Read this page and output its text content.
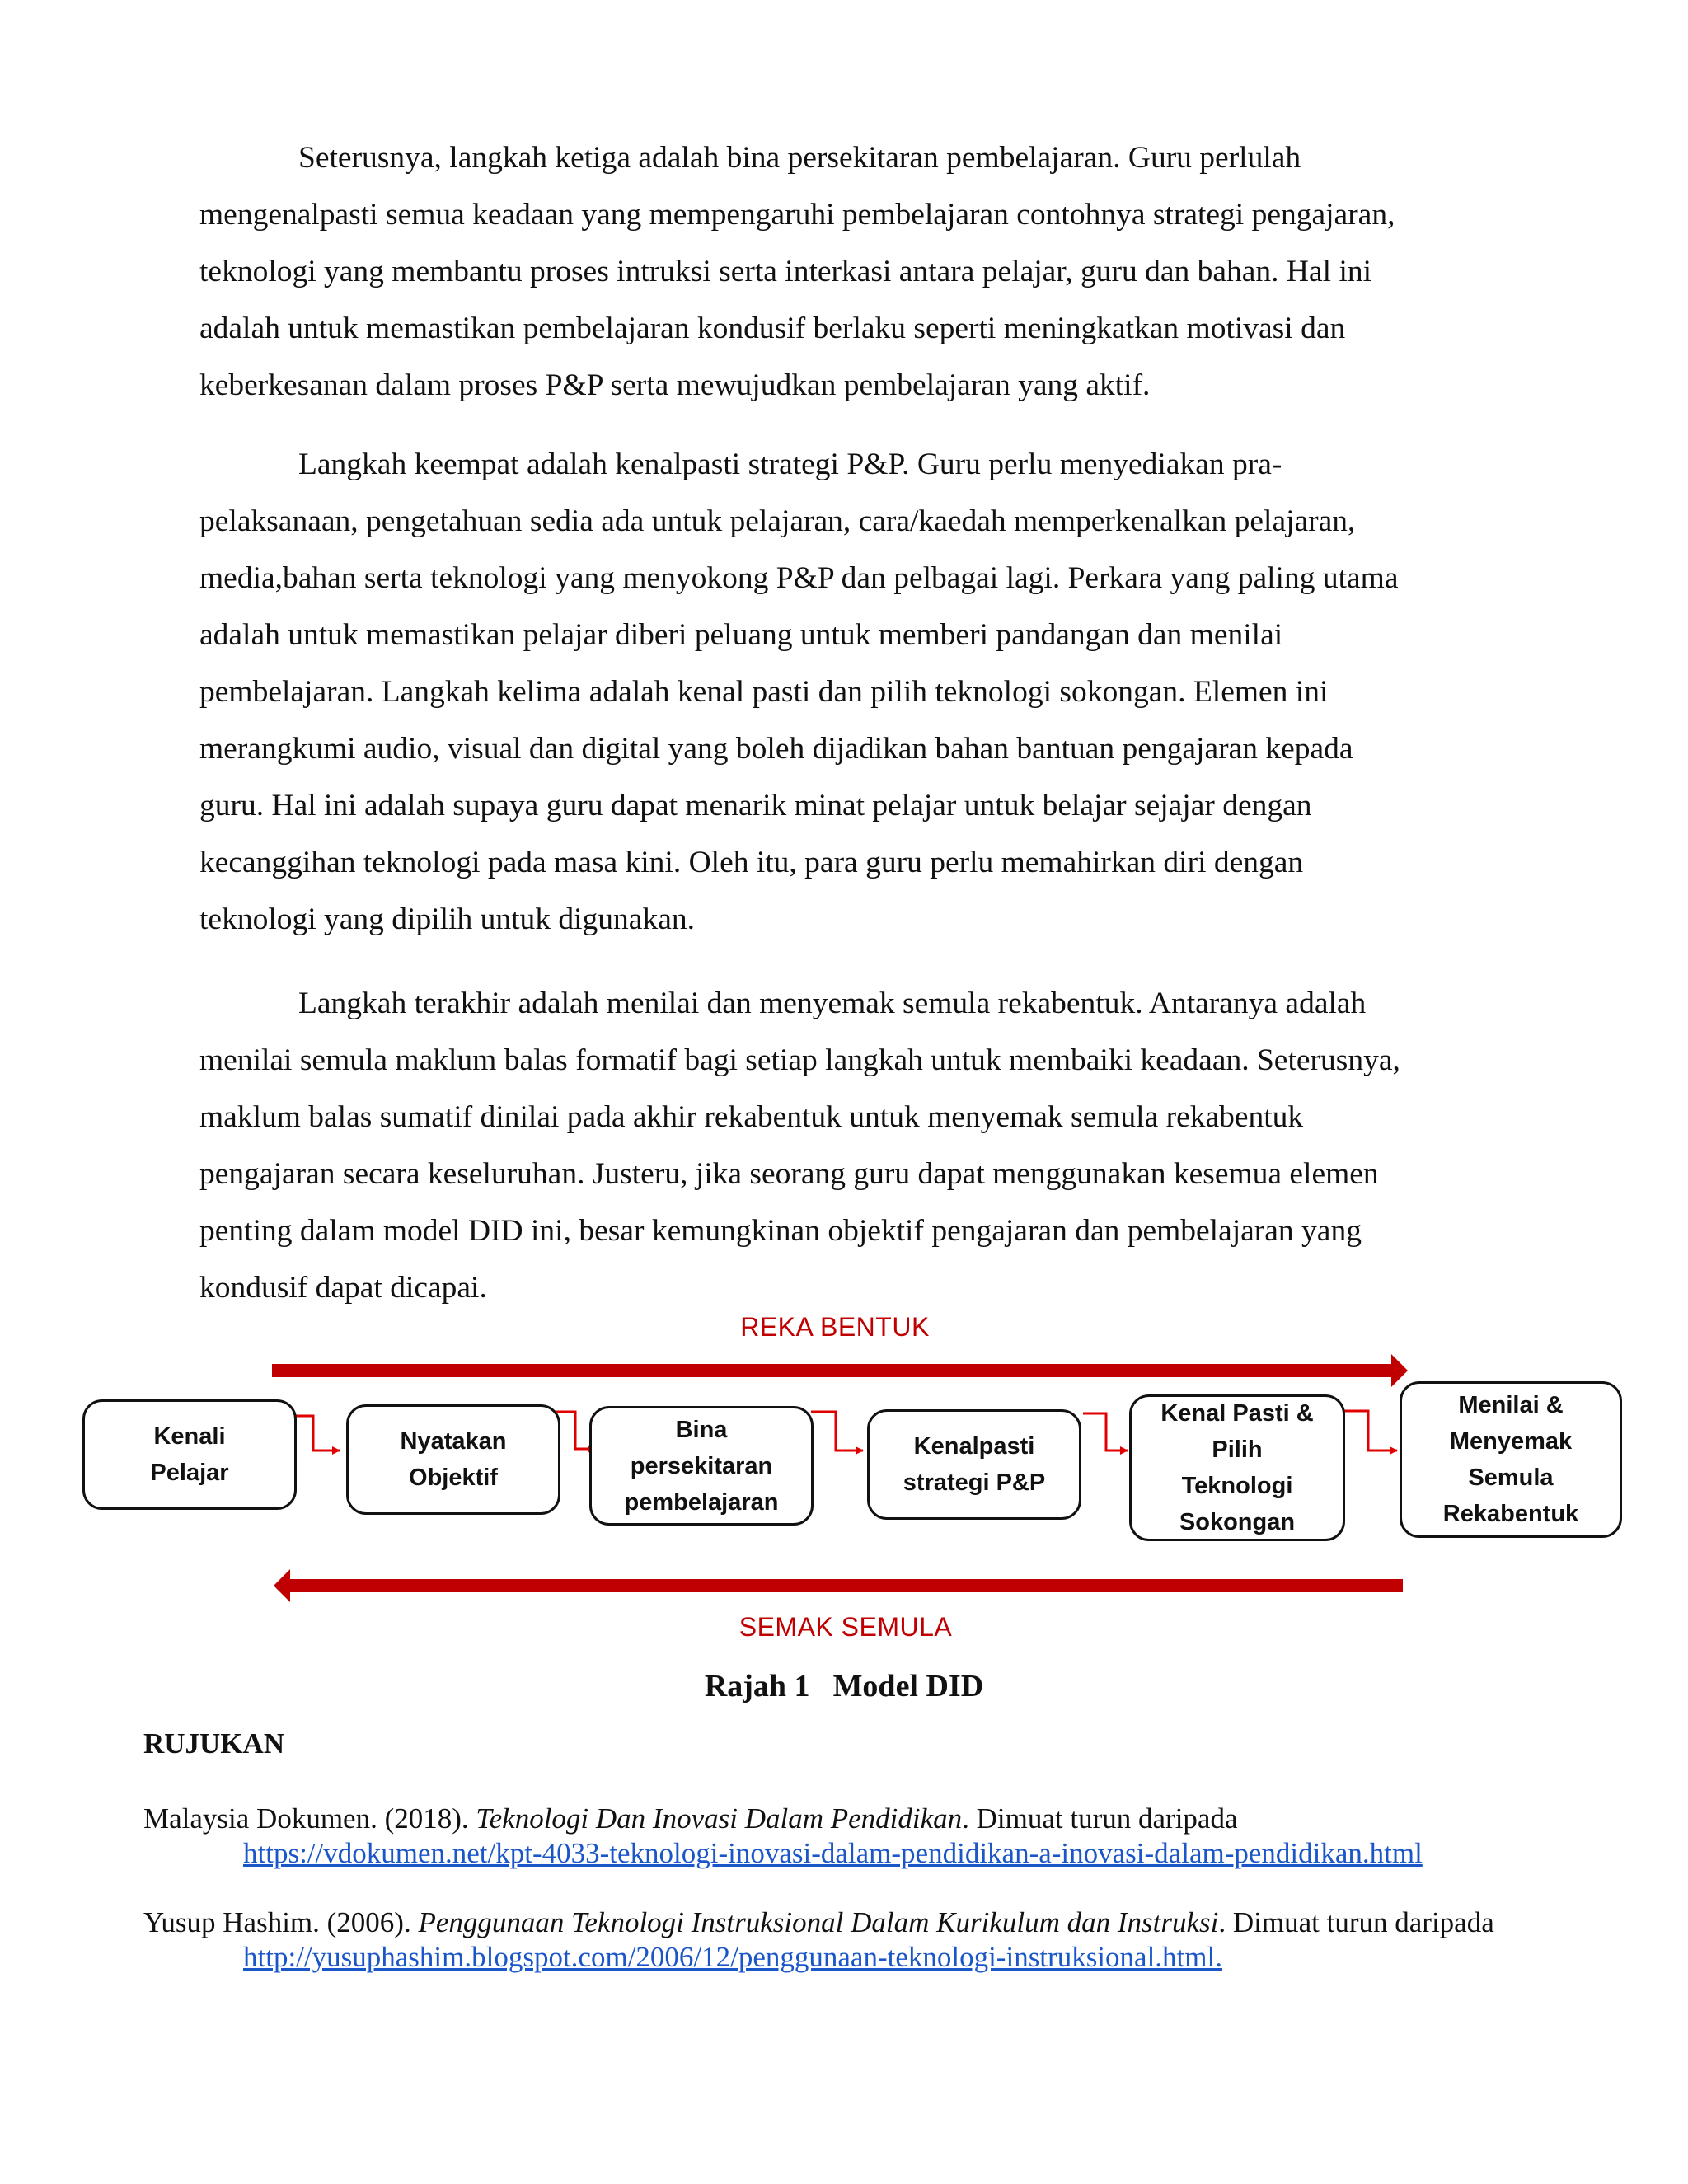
Seterusnya, langkah ketiga adalah bina persekitaran pembelajaran. Guru perlulah
mengenalpasti semua keadaan yang mempengaruhi pembelajaran contohnya strategi pengajaran,
teknologi yang membantu proses intruksi serta interkasi antara pelajar, guru dan bahan. Hal ini
adalah untuk memastikan pembelajaran kondusif berlaku seperti meningkatkan motivasi dan
keberkesanan dalam proses P&P serta mewujudkan pembelajaran yang aktif.

Langkah keempat adalah kenalpasti strategi P&P. Guru perlu menyediakan pra-
pelaksanaan, pengetahuan sedia ada untuk pelajaran, cara/kaedah memperkenalkan pelajaran,
media,bahan serta teknologi yang menyokong P&P dan pelbagai lagi. Perkara yang paling utama
adalah untuk memastikan pelajar diberi peluang untuk memberi pandangan dan menilai
pembelajaran. Langkah kelima adalah kenal pasti dan pilih teknologi sokongan. Elemen ini
merangkumi audio, visual dan digital yang boleh dijadikan bahan bantuan pengajaran kepada
guru. Hal ini adalah supaya guru dapat menarik minat pelajar untuk belajar sejajar dengan
kecanggihan teknologi pada masa kini. Oleh itu, para guru perlu memahirkan diri dengan
teknologi yang dipilih untuk digunakan.

Langkah terakhir adalah menilai dan menyemak semula rekabentuk. Antaranya adalah
menilai semula maklum balas formatif bagi setiap langkah untuk membaiki keadaan. Seterusnya,
maklum balas sumatif dinilai pada akhir rekabentuk untuk menyemak semula rekabentuk
pengajaran secara keseluruhan. Justeru, jika seorang guru dapat menggunakan kesemua elemen
penting dalam model DID ini, besar kemungkinan objektif pengajaran dan pembelajaran yang
kondusif dapat dicapai.

REKA BENTUK
SEMAK SEMULA
Kenali
Pelajar
Nyatakan
Objektif
Bina
persekitaran
pembelajaran
Kenalpasti
strategi P&P
Kenal Pasti &
Pilih
Teknologi
Sokongan
Menilai &
Menyemak
Semula
Rekabentuk
Rajah 1 Model DID
RUJUKAN
Malaysia Dokumen. (2018). Teknologi Dan Inovasi Dalam Pendidikan. Dimuat turun daripada
https://vdokumen.net/kpt-4033-teknologi-inovasi-dalam-pendidikan-a-inovasi-dalam-pendidikan.html
Yusup Hashim. (2006). Penggunaan Teknologi Instruksional Dalam Kurikulum dan Instruksi. Dimuat turun daripada
http://yusuphashim.blogspot.com/2006/12/penggunaan-teknologi-instruksional.html.
